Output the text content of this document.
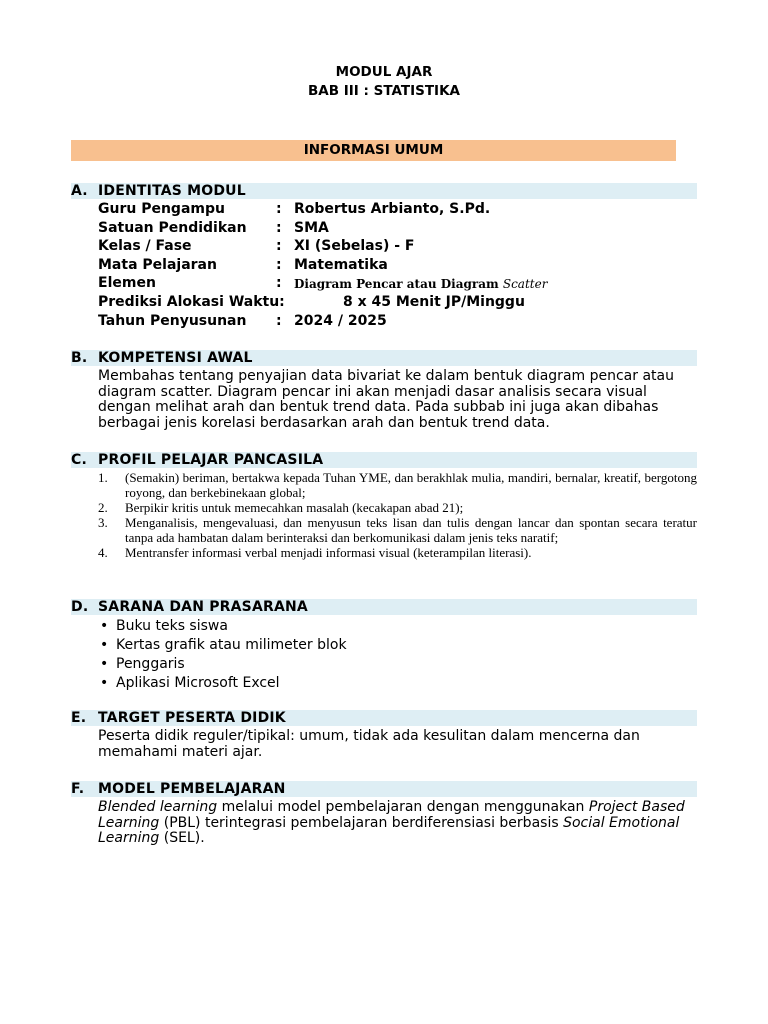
MODUL AJAR
BAB III : STATISTIKA
INFORMASI UMUM
A. IDENTITAS MODUL
Guru Pengampu	: Robertus Arbianto, S.Pd.
Satuan Pendidikan : SMA
Kelas / Fase	: XI (Sebelas) - F
Mata Pelajaran	: Matematika
Elemen	: Diagram Pencar atau Diagram Scatter
Prediksi Alokasi Waktu:	8 x 45 Menit JP/Minggu
Tahun Penyusunan : 2024 / 2025
B. KOMPETENSI AWAL
Membahas tentang penyajian data bivariat ke dalam bentuk diagram pencar atau diagram scatter. Diagram pencar ini akan menjadi dasar analisis secara visual dengan melihat arah dan bentuk trend data. Pada subbab ini juga akan dibahas berbagai jenis korelasi berdasarkan arah dan bentuk trend data.
C. PROFIL PELAJAR PANCASILA
1. (Semakin) beriman, bertakwa kepada Tuhan YME, dan berakhlak mulia, mandiri, bernalar, kreatif, bergotong royong, dan berkebinekaan global;
2. Berpikir kritis untuk memecahkan masalah (kecakapan abad 21);
3. Menganalisis, mengevaluasi, dan menyusun teks lisan dan tulis dengan lancar dan spontan secara teratur tanpa ada hambatan dalam berinteraksi dan berkomunikasi dalam jenis teks naratif;
4. Mentransfer informasi verbal menjadi informasi visual (keterampilan literasi).
D. SARANA DAN PRASARANA
• Buku teks siswa
• Kertas grafik atau milimeter blok
• Penggaris
• Aplikasi Microsoft Excel
E. TARGET PESERTA DIDIK
Peserta didik reguler/tipikal: umum, tidak ada kesulitan dalam mencerna dan memahami materi ajar.
F. MODEL PEMBELAJARAN
Blended learning melalui model pembelajaran dengan menggunakan Project Based Learning (PBL) terintegrasi pembelajaran berdiferensiasi berbasis Social Emotional Learning (SEL).
